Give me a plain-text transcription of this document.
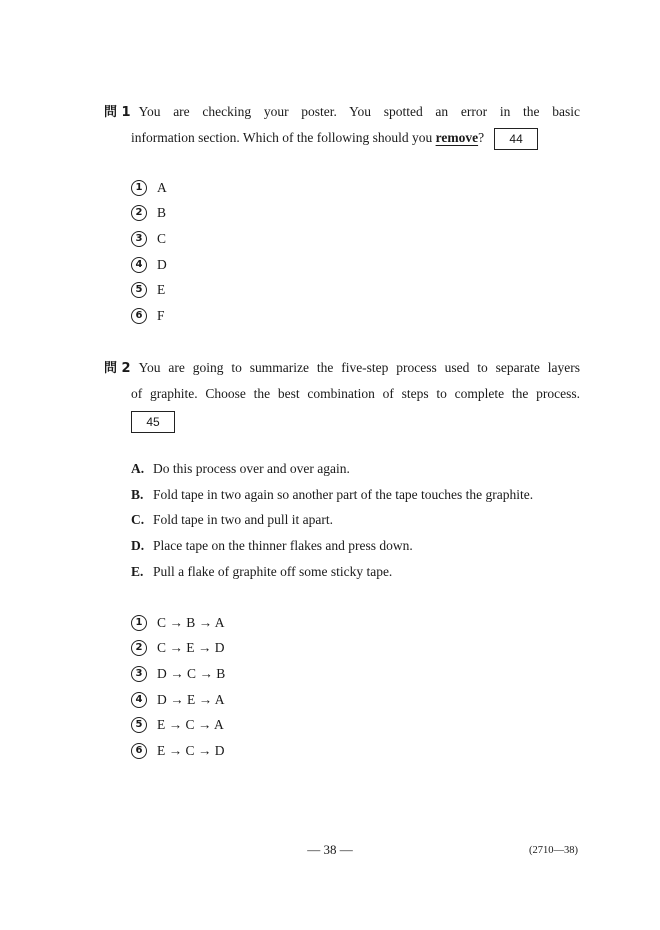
問 1 You are checking your poster. You spotted an error in the basic
information section. Which of the following should you remove? 44
1	A
2	B
3	C
4	D
5	E
6	F
問 2 You are going to summarize the five-step process used to separate layers
of graphite. Choose the best combination of steps to complete the process.
45
A. Do this process over and over again.
B. Fold tape in two again so another part of the tape touches the graphite.
C. Fold tape in two and pull it apart.
D. Place tape on the thinner flakes and press down.
E. Pull a flake of graphite off some sticky tape.
1	C → B → A
2	C → E → D
3	D → C → B
4	D → E → A
5	E → C → A
6	E → C → D
— 38 —	(2710—38)
